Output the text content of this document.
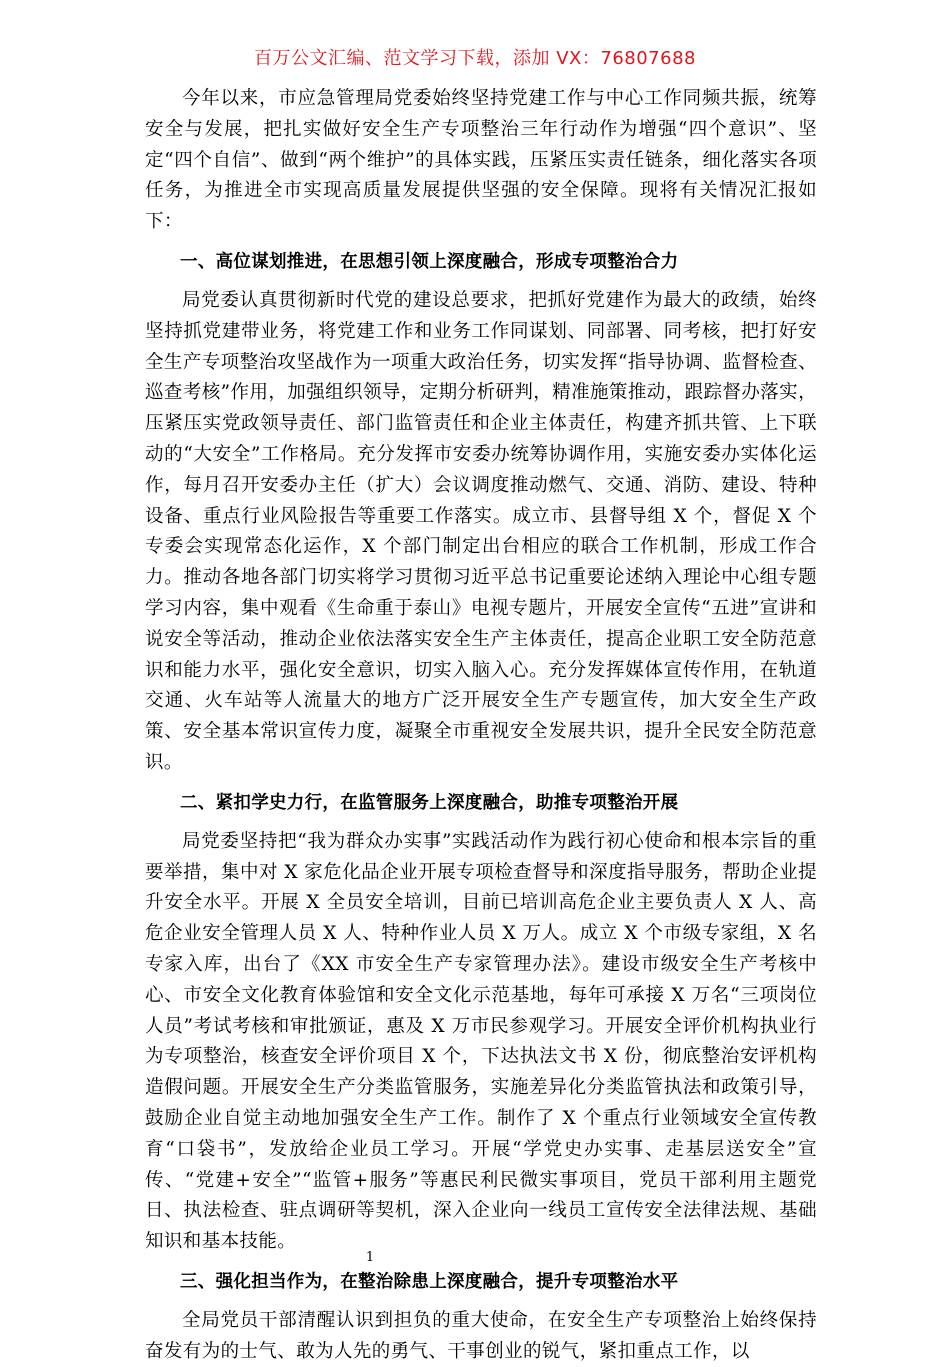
百万公文汇编、范文学习下载，添加 VX：76807688

今年以来，市应急管理局党委始终坚持党建工作与中心工作同频共振，统筹安全与发展，把扎实做好安全生产专项整治三年行动作为增强“四个意识”、坚定“四个自信”、做到“两个维护”的具体实践，压紧压实责任链条，细化落实各项任务，为推进全市实现高质量发展提供坚强的安全保障。现将有关情况汇报如下：

一、高位谋划推进，在思想引领上深度融合，形成专项整治合力

局党委认真贯彻新时代党的建设总要求，把抓好党建作为最大的政绩，始终坚持抓党建带业务，将党建工作和业务工作同谋划、同部署、同考核，把打好安全生产专项整治攻坚战作为一项重大政治任务，切实发挥“指导协调、监督检查、巡查考核”作用，加强组织领导，定期分析研判，精准施策推动，跟踪督办落实，压紧压实党政领导责任、部门监管责任和企业主体责任，构建齐抓共管、上下联动的“大安全”工作格局。充分发挥市安委办统筹协调作用，实施安委办实体化运作，每月召开安委办主任（扩大）会议调度推动燃气、交通、消防、建设、特种设备、重点行业风险报告等重要工作落实。成立市、县督导组 X 个，督促 X 个专委会实现常态化运作，X 个部门制定出台相应的联合工作机制，形成工作合力。推动各地各部门切实将学习贯彻习近平总书记重要论述纳入理论中心组专题学习内容，集中观看《生命重于泰山》电视专题片，开展安全宣传“五进”宣讲和说安全等活动，推动企业依法落实安全生产主体责任，提高企业职工安全防范意识和能力水平，强化安全意识，切实入脑入心。充分发挥媒体宣传作用，在轨道交通、火车站等人流量大的地方广泛开展安全生产专题宣传，加大安全生产政策、安全基本常识宣传力度，凝聚全市重视安全发展共识，提升全民安全防范意识。

二、紧扣学史力行，在监管服务上深度融合，助推专项整治开展

局党委坚持把“我为群众办实事”实践活动作为践行初心使命和根本宗旨的重要举措，集中对 X 家危化品企业开展专项检查督导和深度指导服务，帮助企业提升安全水平。开展 X 全员安全培训，目前已培训高危企业主要负责人 X 人、高危企业安全管理人员 X 人、特种作业人员 X 万人。成立 X 个市级专家组，X 名专家入库，出台了《XX 市安全生产专家管理办法》。建设市级安全生产考核中心、市安全文化教育体验馆和安全文化示范基地，每年可承接 X 万名“三项岗位人员”考试考核和审批颁证，惠及 X 万市民参观学习。开展安全评价机构执业行为专项整治，核查安全评价项目 X 个，下达执法文书 X 份，彻底整治安评机构造假问题。开展安全生产分类监管服务，实施差异化分类监管执法和政策引导，鼓励企业自觉主动地加强安全生产工作。制作了 X 个重点行业领域安全宣传教育“口袋书”，发放给企业员工学习。开展“学党史办实事、走基层送安全”宣传、“党建+安全”“监管+服务”等惠民利民微实事项目，党员干部利用主题党日、执法检查、驻点调研等契机，深入企业向一线员工宣传安全法律法规、基础知识和基本技能。

三、强化担当作为，在整治除患上深度融合，提升专项整治水平

全局党员干部清醒认识到担负的重大使命，在安全生产专项整治上始终保持奋发有为的士气、敢为人先的勇气、干事创业的锐气，紧扣重点工作，以

1
